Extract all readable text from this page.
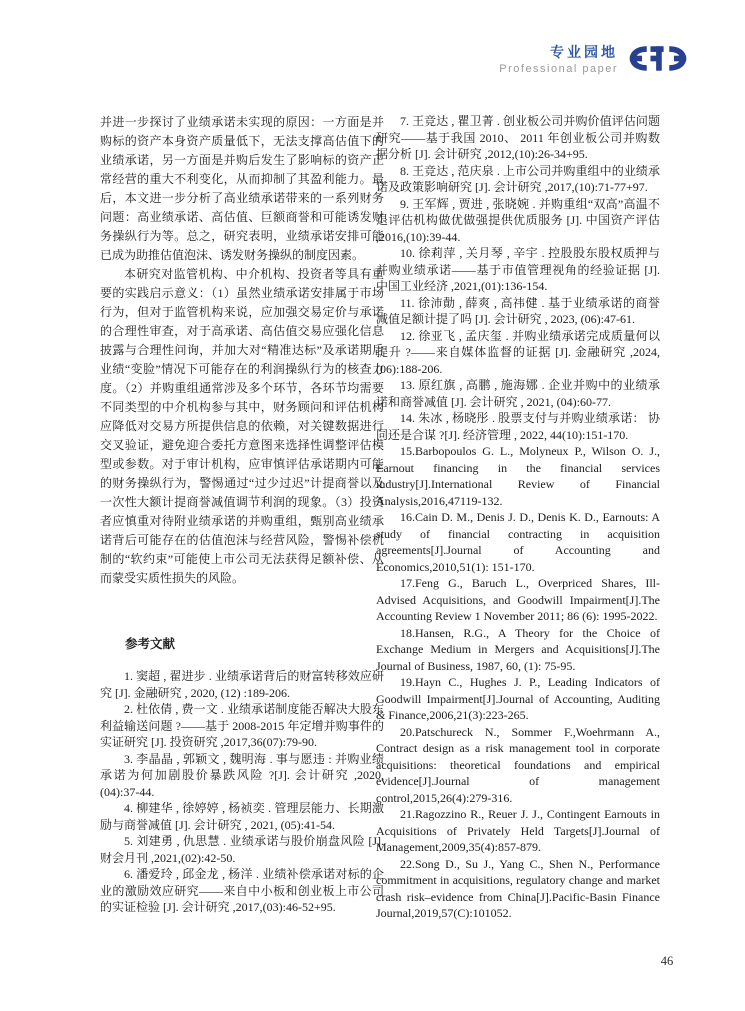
专业园地
Professional paper

并进一步探讨了业绩承诺未实现的原因：一方面是并购标的资产本身资产质量低下，无法支撑高估值下的业绩承诺，另一方面是并购后发生了影响标的资产正常经营的重大不利变化，从而抑制了其盈利能力。最后，本文进一步分析了高业绩承诺带来的一系列财务问题：高业绩承诺、高估值、巨额商誉和可能诱发财务操纵行为等。总之，研究表明，业绩承诺安排可能已成为助推估值泡沫、诱发财务操纵的制度因素。

本研究对监管机构、中介机构、投资者等具有重要的实践启示意义：（1）虽然业绩承诺安排属于市场行为，但对于监管机构来说，应加强交易定价与承诺的合理性审查，对于高承诺、高估值交易应强化信息披露与合理性问询，并加大对“精准达标”及承诺期后业绩“变脸”情况下可能存在的利润操纵行为的核查力度。（2）并购重组通常涉及多个环节，各环节均需要不同类型的中介机构参与其中，财务顾问和评估机构应降低对交易方所提供信息的依赖，对关键数据进行交叉验证，避免迎合委托方意图来选择性调整评估模型或参数。对于审计机构，应审慎评估承诺期内可能的财务操纵行为，警惕通过“过少过迟”计提商誉以及一次性大额计提商誉减值调节利润的现象。（3）投资者应慎重对待附业绩承诺的并购重组，甄别高业绩承诺背后可能存在的估值泡沫与经营风险，警惕补偿机制的“软约束”可能使上市公司无法获得足额补偿、从而蒙受实质性损失的风险。

参考文献

1. 窦超 , 翟进步 . 业绩承诺背后的财富转移效应研究 [J]. 金融研究 , 2020, (12) :189-206.

2. 杜依倩 , 费一文 . 业绩承诺制度能否解决大股东利益输送问题 ?——基于 2008-2015 年定增并购事件的实证研究 [J]. 投资研究 ,2017,36(07):79-90.

3. 李晶晶 , 郭颖文 , 魏明海 . 事与愿违 : 并购业绩承诺为何加剧股价暴跌风险 ?[J]. 会计研究 ,2020,(04):37-44.

4. 柳建华 , 徐婷婷 , 杨祯奕 . 管理层能力、长期激励与商誉减值 [J]. 会计研究 , 2021, (05):41-54.

5. 刘建勇 , 仇思慧 . 业绩承诺与股价崩盘风险 [J]. 财会月刊 ,2021,(02):42-50.

6. 潘爱玲 , 邱金龙 , 杨洋 . 业绩补偿承诺对标的企业的激励效应研究——来自中小板和创业板上市公司的实证检验 [J]. 会计研究 ,2017,(03):46-52+95.

7. 王竞达 , 瞿卫菁 . 创业板公司并购价值评估问题研究——基于我国 2010、 2011 年创业板公司并购数据分析 [J]. 会计研究 ,2012,(10):26-34+95.

8. 王竞达 , 范庆泉 . 上市公司并购重组中的业绩承诺及政策影响研究 [J]. 会计研究 ,2017,(10):71-77+97.

9. 王军辉 , 贾进 , 张晓婉 . 并购重组“双高”高温不退评估机构做优做强提供优质服务 [J]. 中国资产评估 ,2016,(10):39-44.

10. 徐莉萍 , 关月琴 , 辛宇 . 控股股东股权质押与并购业绩承诺——基于市值管理视角的经验证据 [J]. 中国工业经济 ,2021,(01):136-154.

11. 徐沛勣 , 薛爽 , 高祎健 . 基于业绩承诺的商誉减值足额计提了吗 [J]. 会计研究 , 2023, (06):47-61.

12. 徐亚飞 , 孟庆玺 . 并购业绩承诺完成质量何以提升 ?——来自媒体监督的证据 [J]. 金融研究 ,2024,(06):188-206.

13. 原红旗 , 高鹏 , 施海娜 . 企业并购中的业绩承诺和商誉减值 [J]. 会计研究 , 2021, (04):60-77.

14. 朱冰 , 杨晓彤 . 股票支付与并购业绩承诺： 协同还是合谋 ?[J]. 经济管理 , 2022, 44(10):151-170.

15.Barbopoulos G. L., Molyneux P., Wilson O. J., Earnout financing in the financial services industry[J].International Review of Financial Analysis,2016,47119-132.

16.Cain D. M., Denis J. D., Denis K. D., Earnouts: A study of financial contracting in acquisition agreements[J].Journal of Accounting and Economics,2010,51(1): 151-170.

17.Feng G., Baruch L., Overpriced Shares, Ill-Advised Acquisitions, and Goodwill Impairment[J].The Accounting Review 1 November 2011; 86 (6): 1995-2022.

18.Hansen, R.G., A Theory for the Choice of Exchange Medium in Mergers and Acquisitions[J].The Journal of Business, 1987, 60, (1): 75-95.

19.Hayn C., Hughes J. P., Leading Indicators of Goodwill Impairment[J].Journal of Accounting, Auditing & Finance,2006,21(3):223-265.

20.Patschureck N., Sommer F.,Woehrmann A., Contract design as a risk management tool in corporate acquisitions: theoretical foundations and empirical evidence[J].Journal of management control,2015,26(4):279-316.

21.Ragozzino R., Reuer J. J., Contingent Earnouts in Acquisitions of Privately Held Targets[J].Journal of Management,2009,35(4):857-879.

22.Song D., Su J., Yang C., Shen N., Performance commitment in acquisitions, regulatory change and market crash risk–evidence from China[J].Pacific-Basin Finance Journal,2019,57(C):101052.

46
